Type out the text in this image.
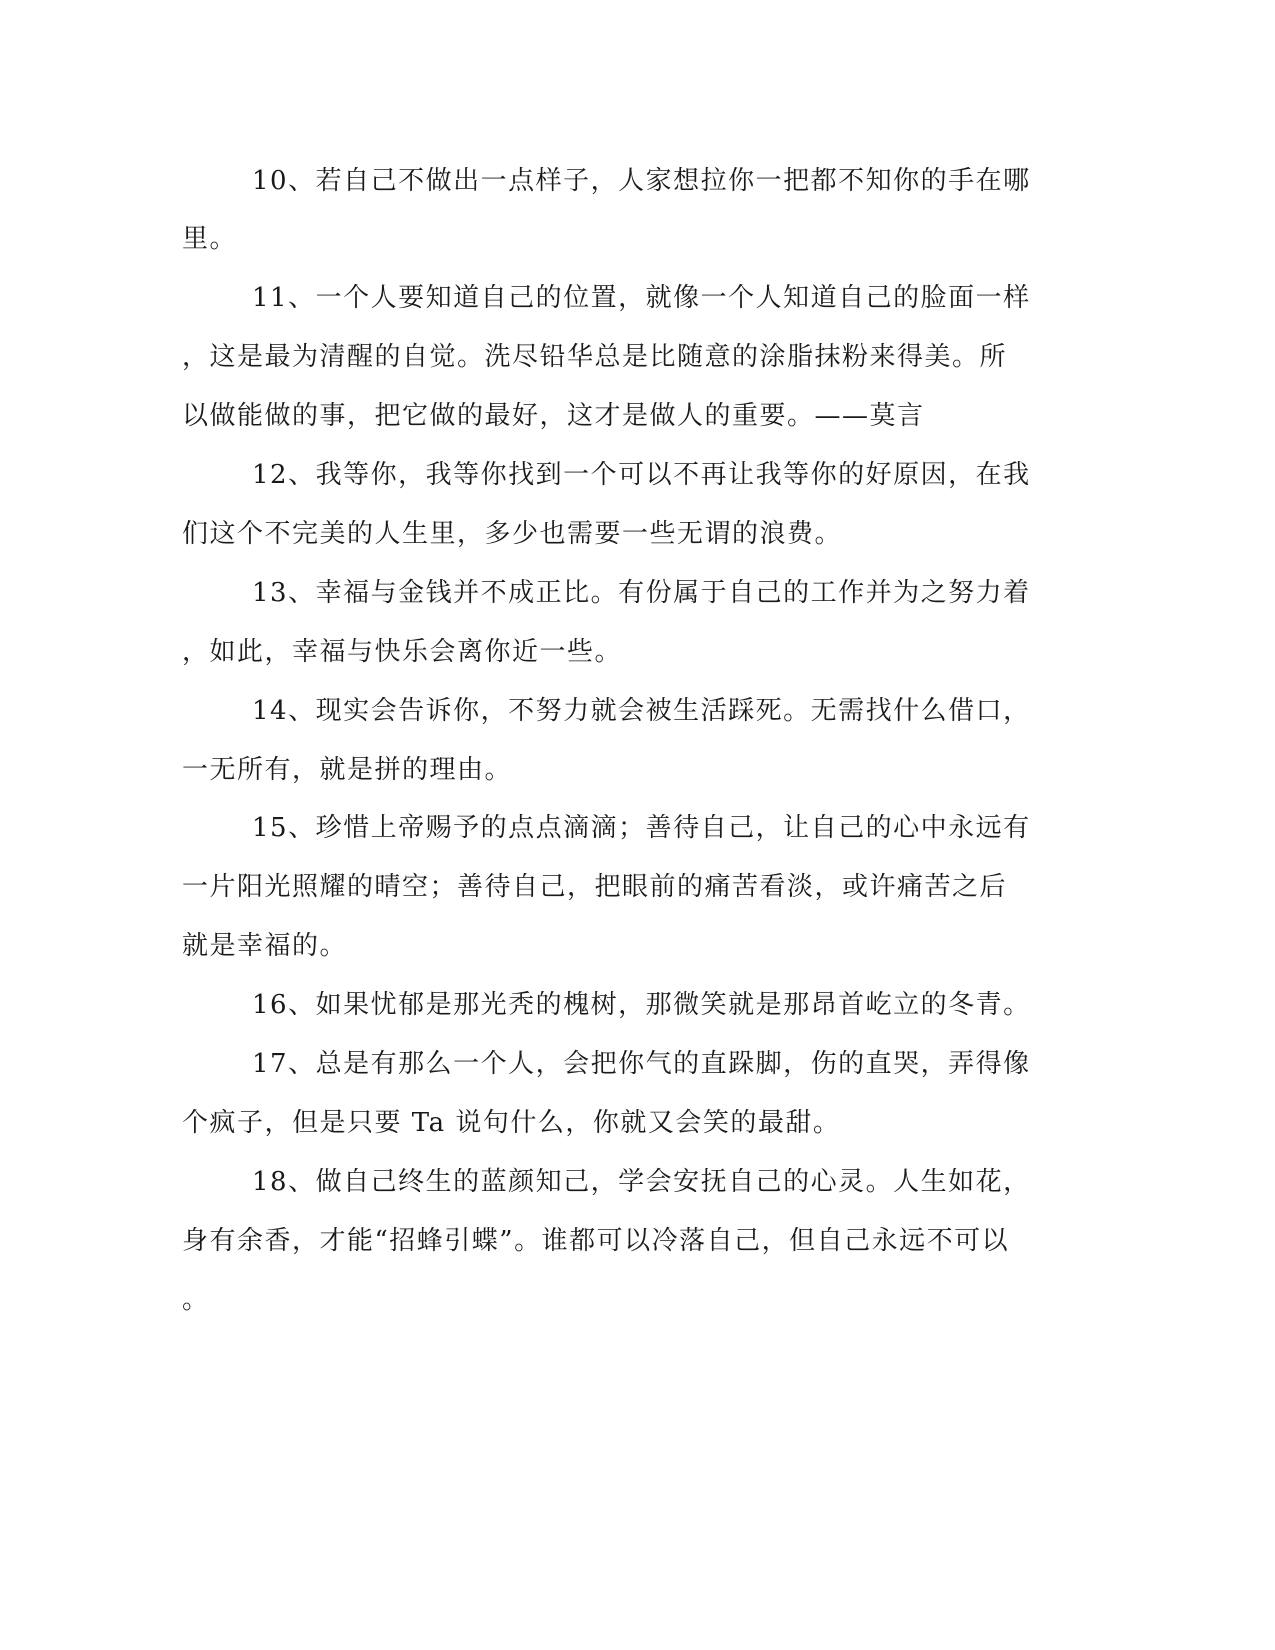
10、若自己不做出一点样子，人家想拉你一把都不知你的手在哪
里。
11、一个人要知道自己的位置，就像一个人知道自己的脸面一样
，这是最为清醒的自觉。洗尽铅华总是比随意的涂脂抹粉来得美。所
以做能做的事，把它做的最好，这才是做人的重要。——莫言
12、我等你，我等你找到一个可以不再让我等你的好原因，在我
们这个不完美的人生里，多少也需要一些无谓的浪费。
13、幸福与金钱并不成正比。有份属于自己的工作并为之努力着
，如此，幸福与快乐会离你近一些。
14、现实会告诉你，不努力就会被生活踩死。无需找什么借口，
一无所有，就是拼的理由。
15、珍惜上帝赐予的点点滴滴；善待自己，让自己的心中永远有
一片阳光照耀的晴空；善待自己，把眼前的痛苦看淡，或许痛苦之后
就是幸福的。
16、如果忧郁是那光秃的槐树，那微笑就是那昂首屹立的冬青。
17、总是有那么一个人，会把你气的直跺脚，伤的直哭，弄得像
个疯子，但是只要 Ta 说句什么，你就又会笑的最甜。
18、做自己终生的蓝颜知己，学会安抚自己的心灵。人生如花，
身有余香，才能“招蜂引蝶”。谁都可以冷落自己，但自己永远不可以
。
